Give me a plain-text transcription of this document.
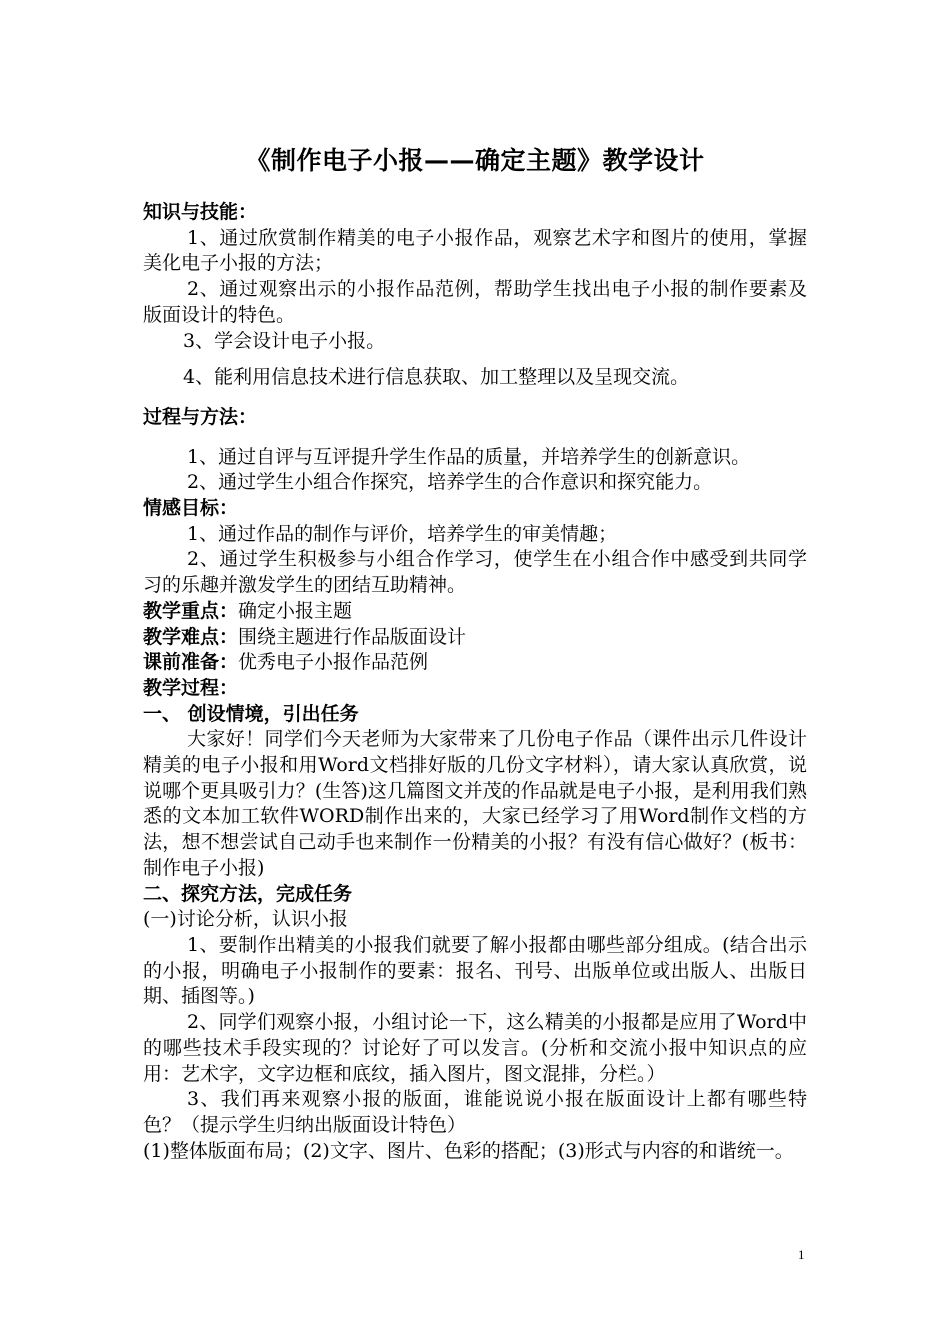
《制作电子小报——确定主题》教学设计

知识与技能：

1、通过欣赏制作精美的电子小报作品，观察艺术字和图片的使用，掌握美化电子小报的方法；

2、通过观察出示的小报作品范例，帮助学生找出电子小报的制作要素及版面设计的特色。

3、学会设计电子小报。

4、能利用信息技术进行信息获取、加工整理以及呈现交流。

过程与方法：

1、通过自评与互评提升学生作品的质量，并培养学生的创新意识。

2、通过学生小组合作探究，培养学生的合作意识和探究能力。

情感目标：

1、通过作品的制作与评价，培养学生的审美情趣；

2、通过学生积极参与小组合作学习，使学生在小组合作中感受到共同学习的乐趣并激发学生的团结互助精神。

教学重点：确定小报主题

教学难点：围绕主题进行作品版面设计

课前准备：优秀电子小报作品范例

教学过程：

一、 创设情境，引出任务

大家好！同学们今天老师为大家带来了几份电子作品（课件出示几件设计精美的电子小报和用Word文档排好版的几份文字材料），请大家认真欣赏，说说哪个更具吸引力？(生答)这几篇图文并茂的作品就是电子小报，是利用我们熟悉的文本加工软件WORD制作出来的，大家已经学习了用Word制作文档的方法，想不想尝试自己动手也来制作一份精美的小报？有没有信心做好？(板书：制作电子小报)

二、探究方法，完成任务

(一)讨论分析，认识小报

1、要制作出精美的小报我们就要了解小报都由哪些部分组成。(结合出示的小报，明确电子小报制作的要素：报名、刊号、出版单位或出版人、出版日期、插图等。)

2、同学们观察小报，小组讨论一下，这么精美的小报都是应用了Word中的哪些技术手段实现的？讨论好了可以发言。(分析和交流小报中知识点的应用：艺术字，文字边框和底纹，插入图片，图文混排，分栏。）

3、我们再来观察小报的版面，谁能说说小报在版面设计上都有哪些特色？（提示学生归纳出版面设计特色）

(1)整体版面布局；(2)文字、图片、色彩的搭配；(3)形式与内容的和谐统一。

1
